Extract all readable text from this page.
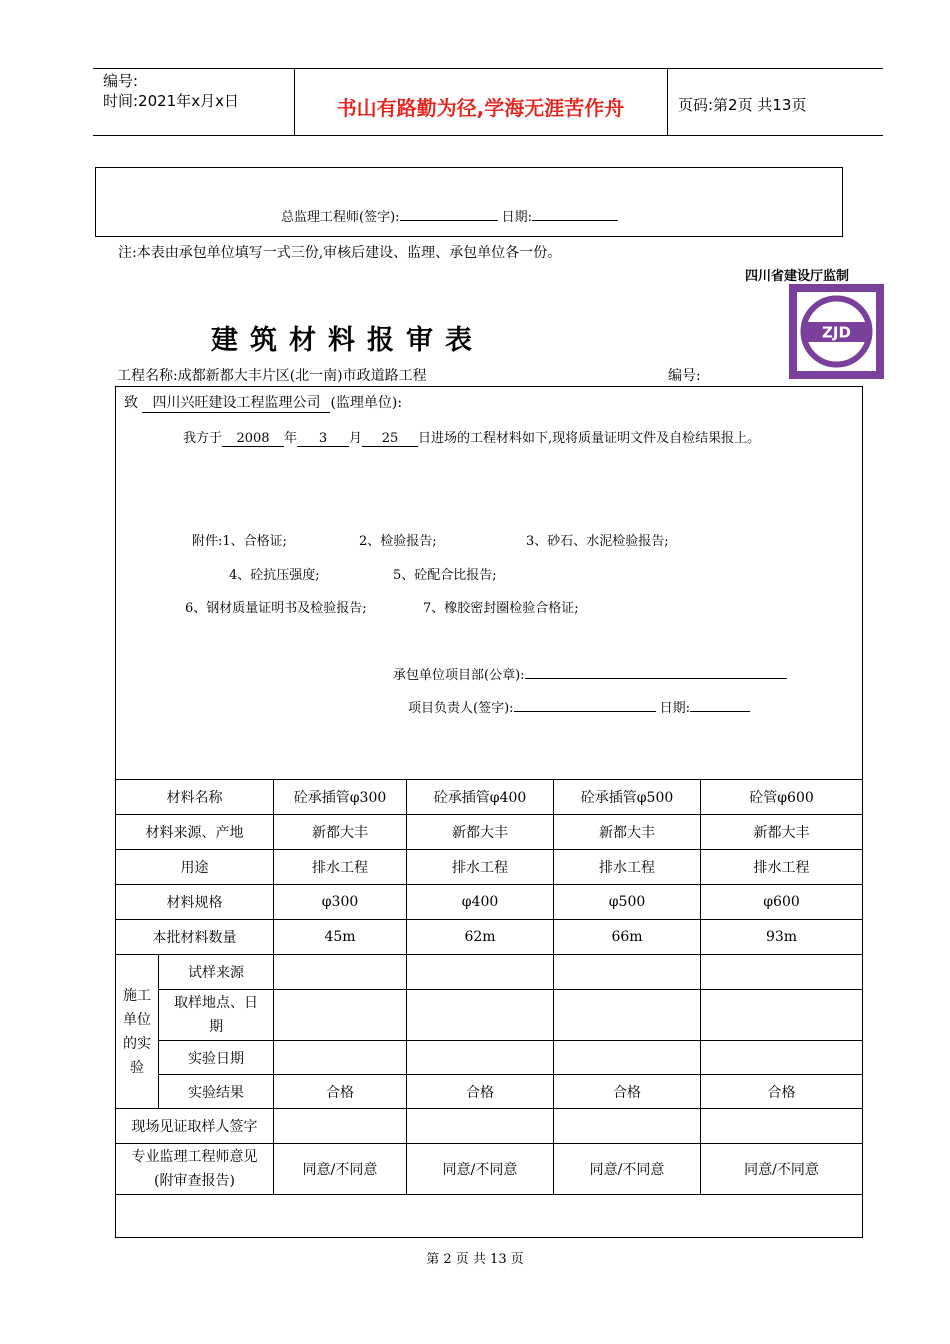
编号:
时间:2021年x月x日	书山有路勤为径,学海无涯苦作舟	页码:第2页 共13页
总监理工程师(签字):	日期:
注:本表由承包单位填写一式三份,审核后建设、监理、承包单位各一份。
四川省建设厅监制
ZJD
建筑材料报审表
工程名称:成都新都大丰片区(北一南)市政道路工程	编号:
致 四川兴旺建设工程监理公司 (监理单位):
我方于 2008 年 3 月 25 日进场的工程材料如下,现将质量证明文件及自检结果报上。
附件:1、合格证;	2、检验报告;	3、砂石、水泥检验报告;
4、砼抗压强度;	5、砼配合比报告;
6、钢材质量证明书及检验报告;	7、橡胶密封圈检验合格证;
承包单位项目部(公章):
项目负责人(签字):	日期:
材料名称		砼承插管φ300	砼承插管φ400	砼承插管φ500	砼管φ600
材料来源、产地		新都大丰	新都大丰	新都大丰	新都大丰
用途		排水工程	排水工程	排水工程	排水工程
材料规格		φ300	φ400	φ500	φ600
本批材料数量		45m	62m	66m	93m
施工单位的实验	试样来源				
	取样地点、日期				
	实验日期				
	实验结果	合格	合格	合格	合格
现场见证取样人签字					
专业监理工程师意见(附审查报告)		同意/不同意	同意/不同意	同意/不同意	同意/不同意

第 2 页 共 13 页
